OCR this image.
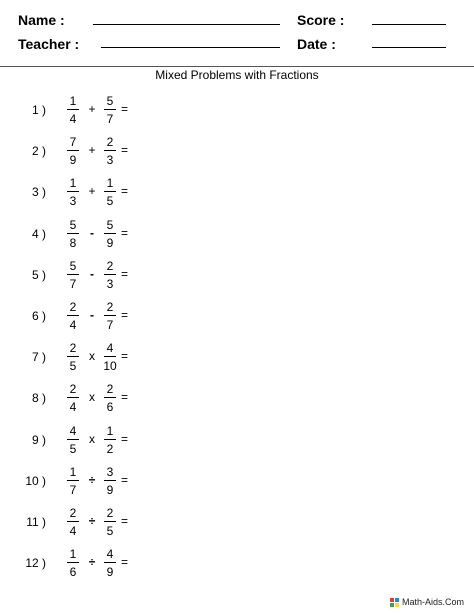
Name :	Score :
Teacher :	Date :
Mixed Problems with Fractions
1 )
1
4
+
5
7
=
2 )
7
9
+
2
3
=
3 )
1
3
+
1
5
=
4 )
5
8
-
5
9
=
5 )
5
7
-
2
3
=
6 )
2
4
-
2
7
=
7 )
2
5
x
4
10
=
8 )
2
4
x
2
6
=
9 )
4
5
x
1
2
=
10 )
1
7
÷
3
9
=
11 )
2
4
÷
2
5
=
12 )
1
6
÷
4
9
=
Math-Aids.Com
